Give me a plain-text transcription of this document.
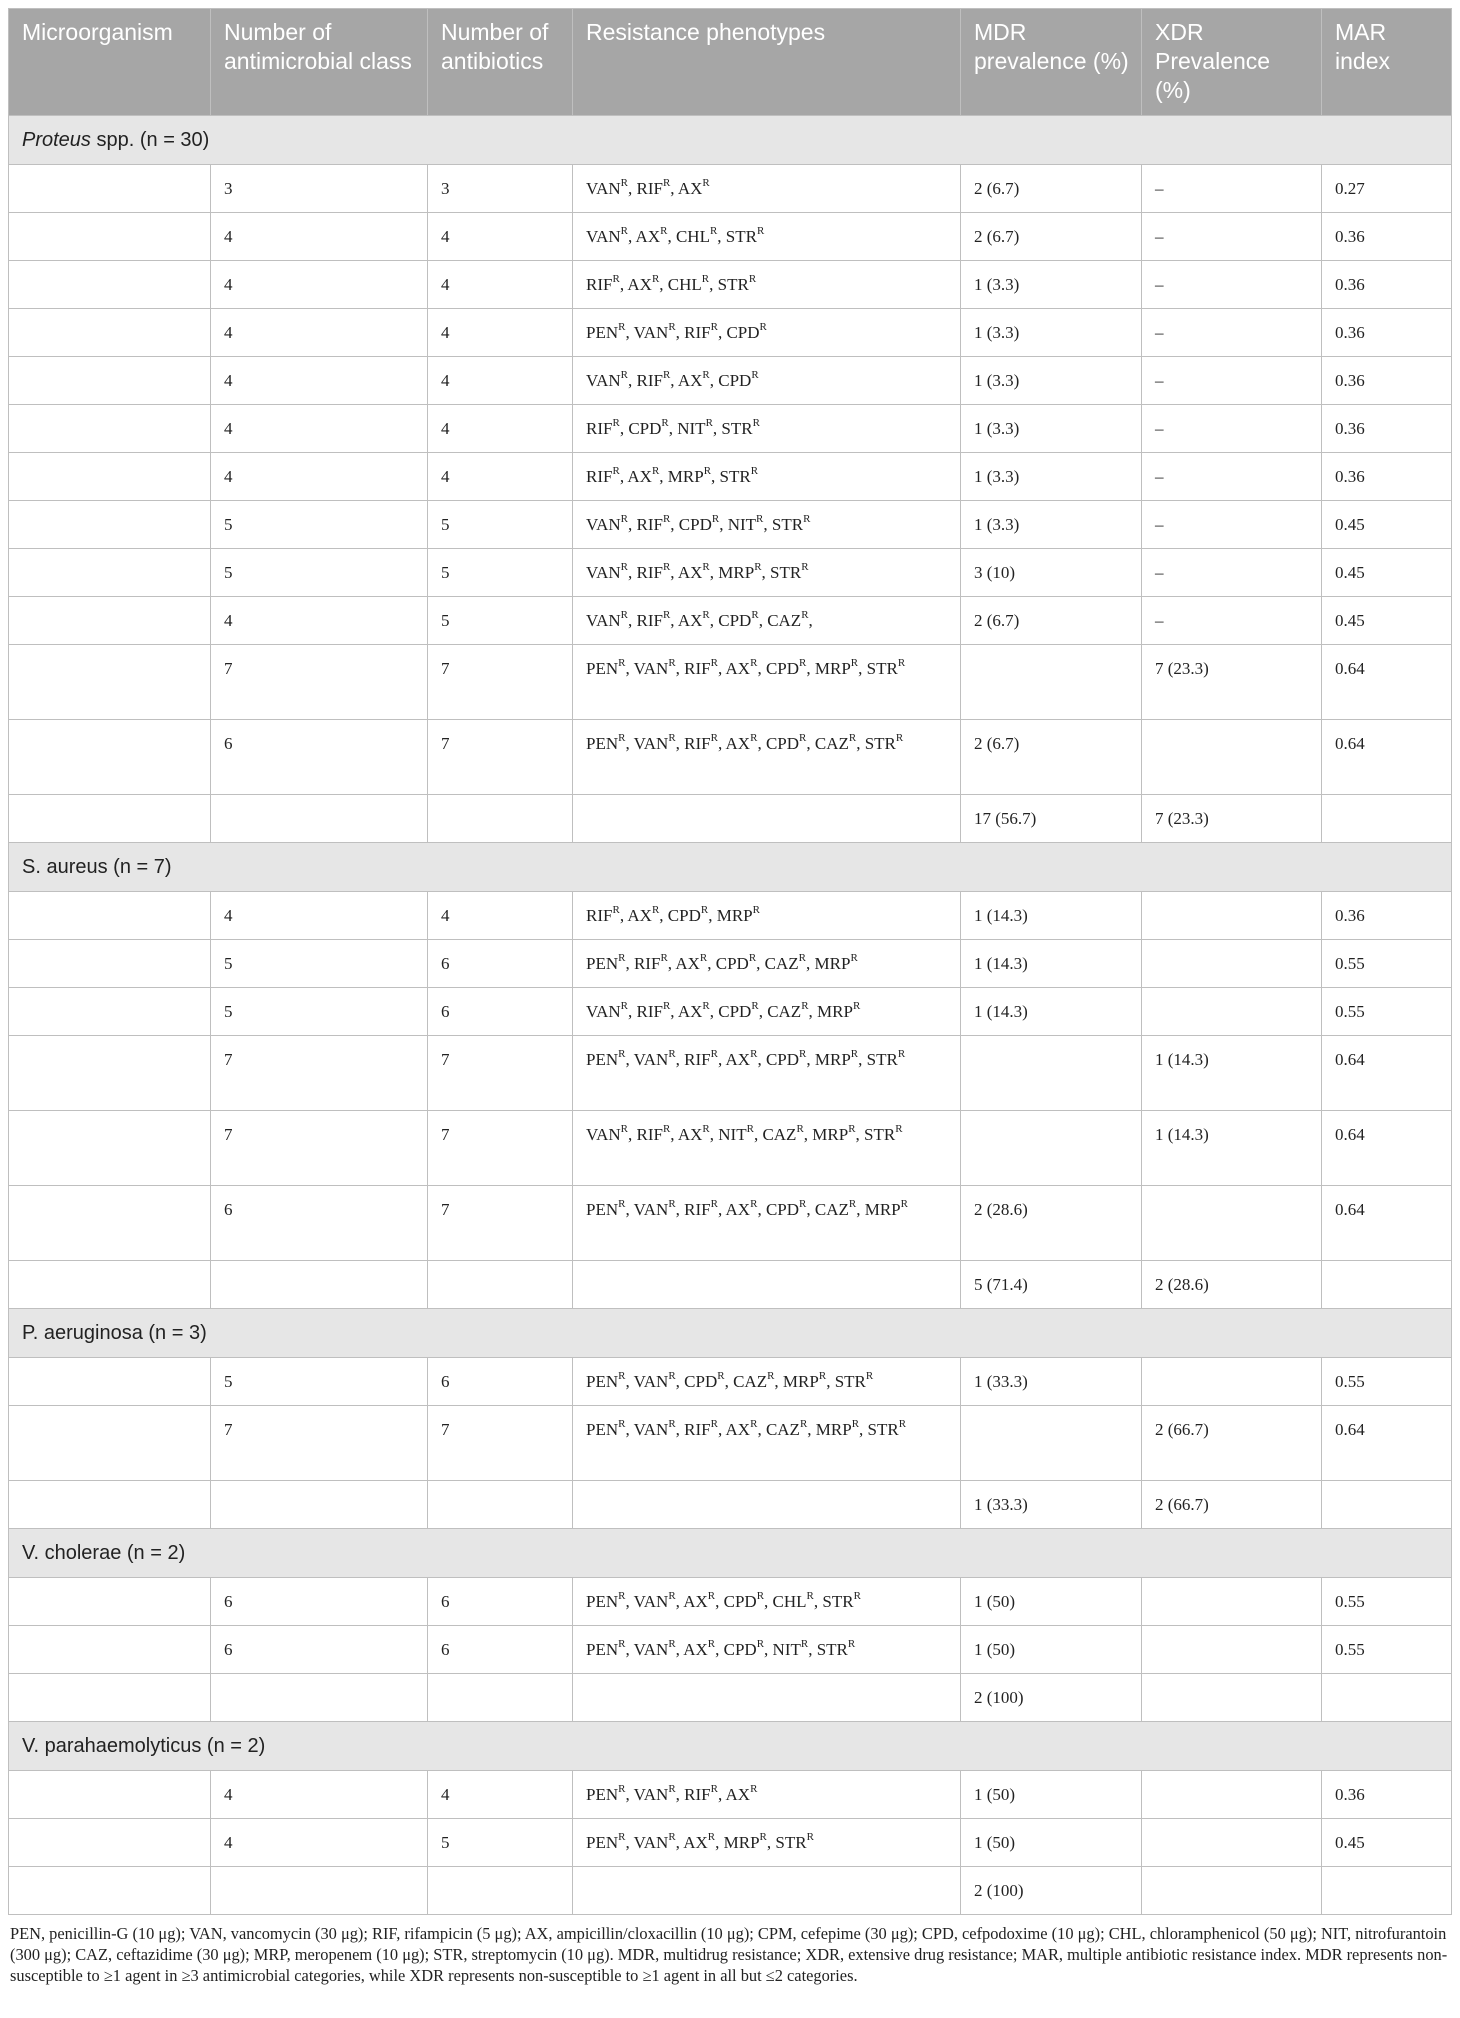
Microorganism	Number of antimicrobial class	Number of antibiotics	Resistance phenotypes	MDR prevalence (%)	XDR Prevalence (%)	MAR index
Proteus spp. (n = 30)						
	3	3	$VAN^R$, $RIF^R$, $AX^R$	2 (6.7)	–	0.27
	4	4	$VAN^R$, $AX^R$, $CHL^R$, $STR^R$	2 (6.7)	–	0.36
	4	4	$RIF^R$, $AX^R$, $CHL^R$, $STR^R$	1 (3.3)	–	0.36
	4	4	$PEN^R$, $VAN^R$, $RIF^R$, $CPD^R$	1 (3.3)	–	0.36
	4	4	$VAN^R$, $RIF^R$, $AX^R$, $CPD^R$	1 (3.3)	–	0.36
	4	4	$RIF^R$, $CPD^R$, $NIT^R$, $STR^R$	1 (3.3)	–	0.36
	4	4	$RIF^R$, $AX^R$, $MRP^R$, $STR^R$	1 (3.3)	–	0.36
	5	5	$VAN^R$, $RIF^R$, $CPD^R$, $NIT^R$, $STR^R$	1 (3.3)	–	0.45
	5	5	$VAN^R$, $RIF^R$, $AX^R$, $MRP^R$, $STR^R$	3 (10)	–	0.45
	4	5	$VAN^R$, $RIF^R$, $AX^R$, $CPD^R$, $CAZ^R$,	2 (6.7)	–	0.45
	7	7	$PEN^R$, $VAN^R$, $RIF^R$, $AX^R$, $CPD^R$, $MRP^R$, $STR^R$		7 (23.3)	0.64
	6	7	$PEN^R$, $VAN^R$, $RIF^R$, $AX^R$, $CPD^R$, $CAZ^R$, $STR^R$	2 (6.7)		0.64
				17 (56.7)	7 (23.3)	
S. aureus (n = 7)						
	4	4	$RIF^R$, $AX^R$, $CPD^R$, $MRP^R$	1 (14.3)		0.36
	5	6	$PEN^R$, $RIF^R$, $AX^R$, $CPD^R$, $CAZ^R$, $MRP^R$	1 (14.3)		0.55
	5	6	$VAN^R$, $RIF^R$, $AX^R$, $CPD^R$, $CAZ^R$, $MRP^R$	1 (14.3)		0.55
	7	7	$PEN^R$, $VAN^R$, $RIF^R$, $AX^R$, $CPD^R$, $MRP^R$, $STR^R$		1 (14.3)	0.64
	7	7	$VAN^R$, $RIF^R$, $AX^R$, $NIT^R$, $CAZ^R$, $MRP^R$, $STR^R$		1 (14.3)	0.64
	6	7	$PEN^R$, $VAN^R$, $RIF^R$, $AX^R$, $CPD^R$, $CAZ^R$, $MRP^R$	2 (28.6)		0.64
				5 (71.4)	2 (28.6)	
P. aeruginosa (n = 3)						
	5	6	$PEN^R$, $VAN^R$, $CPD^R$, $CAZ^R$, $MRP^R$, $STR^R$	1 (33.3)		0.55
	7	7	$PEN^R$, $VAN^R$, $RIF^R$, $AX^R$, $CAZ^R$, $MRP^R$, $STR^R$		2 (66.7)	0.64
				1 (33.3)	2 (66.7)	
V. cholerae (n = 2)						
	6	6	$PEN^R$, $VAN^R$, $AX^R$, $CPD^R$, $CHL^R$, $STR^R$	1 (50)		0.55
	6	6	$PEN^R$, $VAN^R$, $AX^R$, $CPD^R$, $NIT^R$, $STR^R$	1 (50)		0.55
				2 (100)		
V. parahaemolyticus (n = 2)						
	4	4	$PEN^R$, $VAN^R$, $RIF^R$, $AX^R$	1 (50)		0.36
	4	5	$PEN^R$, $VAN^R$, $AX^R$, $MRP^R$, $STR^R$	1 (50)		0.45
				2 (100)		
PEN, penicillin-G (10 μg); VAN, vancomycin (30 μg); RIF, rifampicin (5 μg); AX, ampicillin/cloxacillin (10 μg); CPM, cefepime (30 μg); CPD, cefpodoxime (10 μg); CHL, chloramphenicol (50 μg); NIT, nitrofurantoin (300 μg); CAZ, ceftazidime (30 μg); MRP, meropenem (10 μg); STR, streptomycin (10 μg). MDR, multidrug resistance; XDR, extensive drug resistance; MAR, multiple antibiotic resistance index. MDR represents non-susceptible to ≥1 agent in ≥3 antimicrobial categories, while XDR represents non-susceptible to ≥1 agent in all but ≤2 categories.
